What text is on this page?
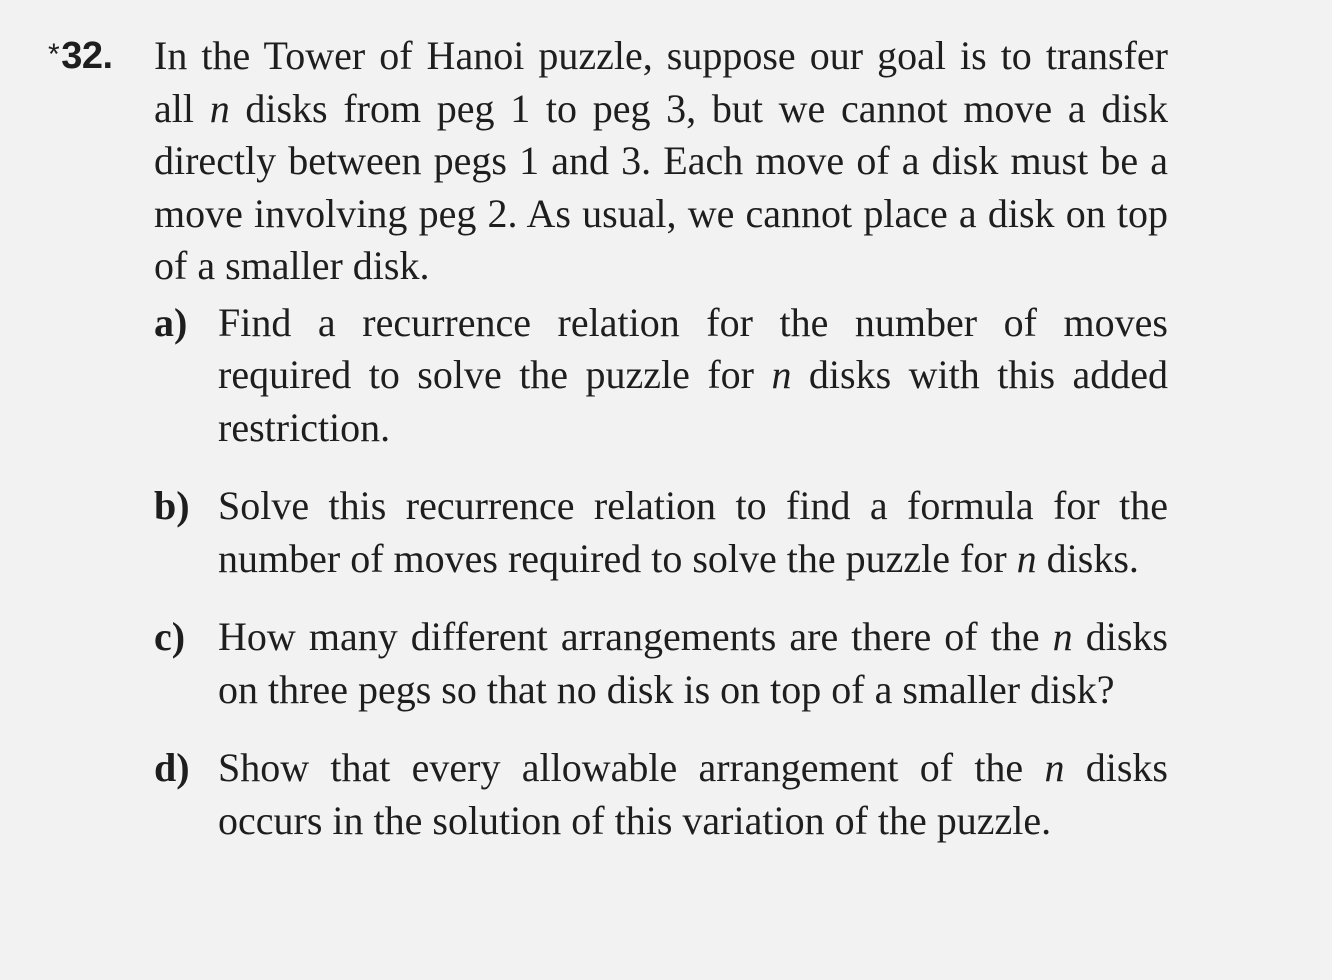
*32. In the Tower of Hanoi puzzle, suppose our goal is to transfer all n disks from peg 1 to peg 3, but we cannot move a disk directly between pegs 1 and 3. Each move of a disk must be a move involving peg 2. As usual, we cannot place a disk on top of a smaller disk.
a) Find a recurrence relation for the number of moves required to solve the puzzle for n disks with this added restriction.
b) Solve this recurrence relation to find a formula for the number of moves required to solve the puzzle for n disks.
c) How many different arrangements are there of the n disks on three pegs so that no disk is on top of a smaller disk?
d) Show that every allowable arrangement of the n disks occurs in the solution of this variation of the puzzle.
